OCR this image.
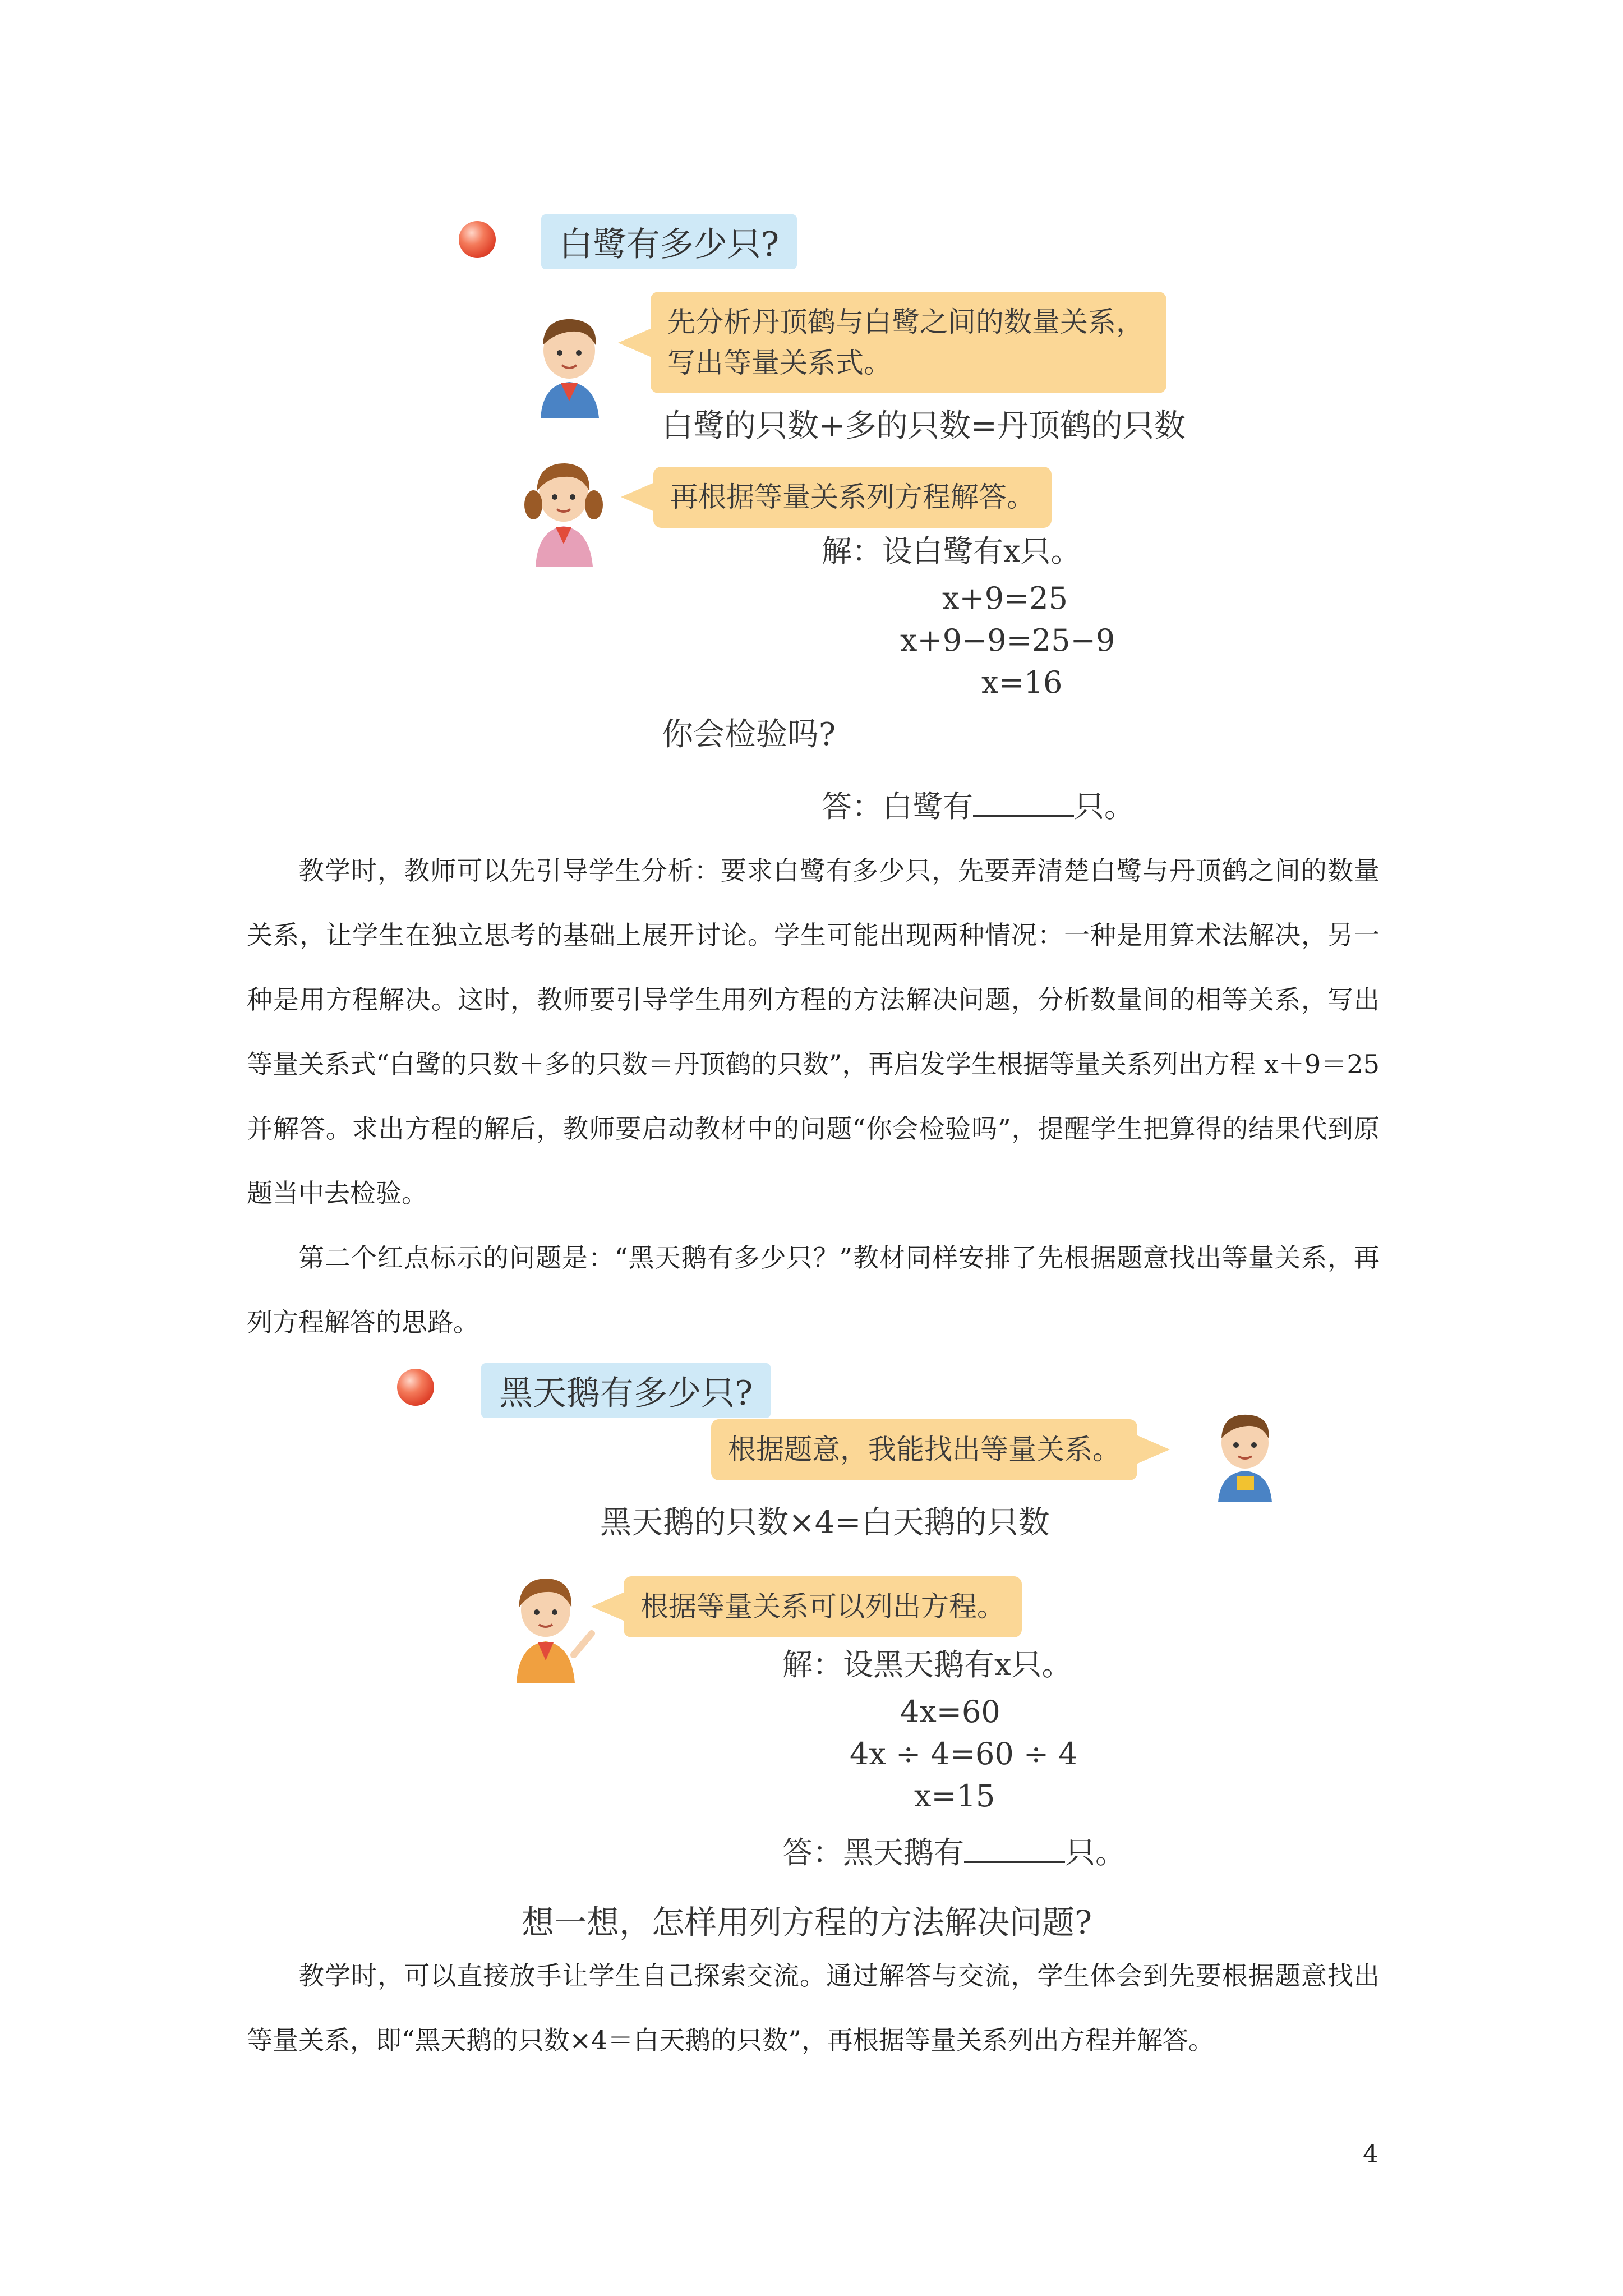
白鹭有多少只?
先分析丹顶鹤与白鹭之间的数量关系，写出等量关系式。
白鹭的只数+多的只数=丹顶鹤的只数
再根据等量关系列方程解答。
解：设白鹭有x只。
x+9=25
x+9−9=25−9
x=16
你会检验吗?
答：白鹭有	只。

教学时，教师可以先引导学生分析：要求白鹭有多少只，先要弄清楚白鹭与丹顶鹤之间的数量关系，让学生在独立思考的基础上展开讨论。学生可能出现两种情况：一种是用算术法解决，另一种是用方程解决。这时，教师要引导学生用列方程的方法解决问题，分析数量间的相等关系，写出等量关系式“白鹭的只数＋多的只数＝丹顶鹤的只数”，再启发学生根据等量关系列出方程 x＋9＝25 并解答。求出方程的解后，教师要启动教材中的问题“你会检验吗”，提醒学生把算得的结果代到原题当中去检验。

第二个红点标示的问题是：“黑天鹅有多少只？”教材同样安排了先根据题意找出等量关系，再列方程解答的思路。

黑天鹅有多少只?
根据题意，我能找出等量关系。
黑天鹅的只数×4=白天鹅的只数
根据等量关系可以列出方程。
解：设黑天鹅有x只。
4x=60
4x ÷ 4=60 ÷ 4
x=15
答：黑天鹅有	只。
想一想，怎样用列方程的方法解决问题?

教学时，可以直接放手让学生自己探索交流。通过解答与交流，学生体会到先要根据题意找出等量关系，即“黑天鹅的只数×4＝白天鹅的只数”，再根据等量关系列出方程并解答。

4
